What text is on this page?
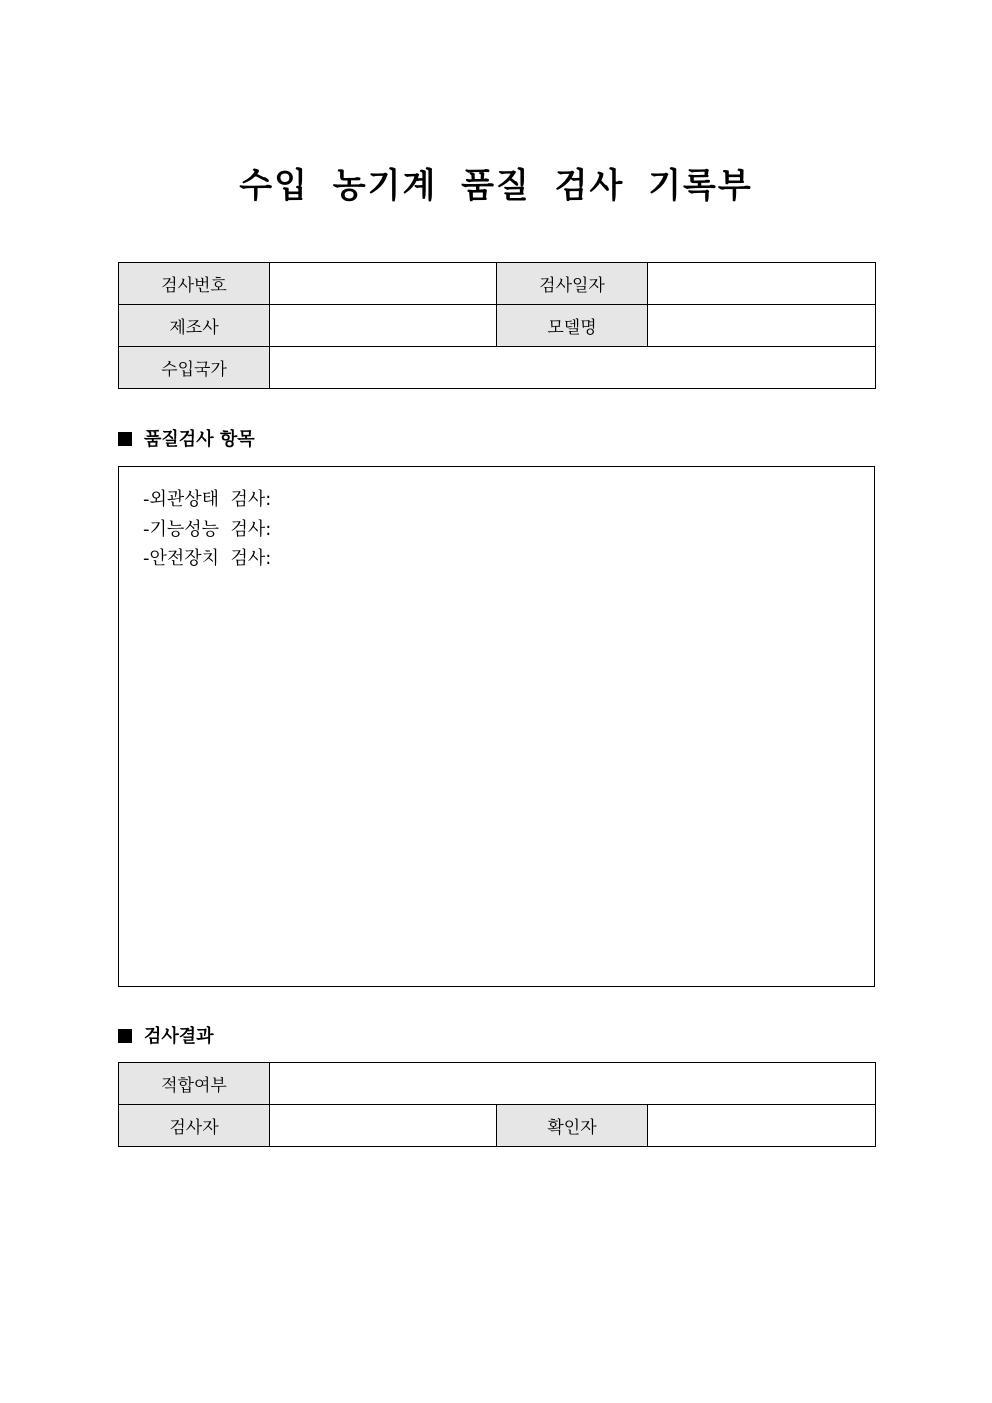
수입 농기계 품질 검사 기록부
검사번호		검사일자	
제조사		모델명	
수입국가			
품질검사 항목
-외관상태  검사:
-기능성능  검사:
-안전장치  검사:
검사결과
적합여부			
검사자		확인자	
